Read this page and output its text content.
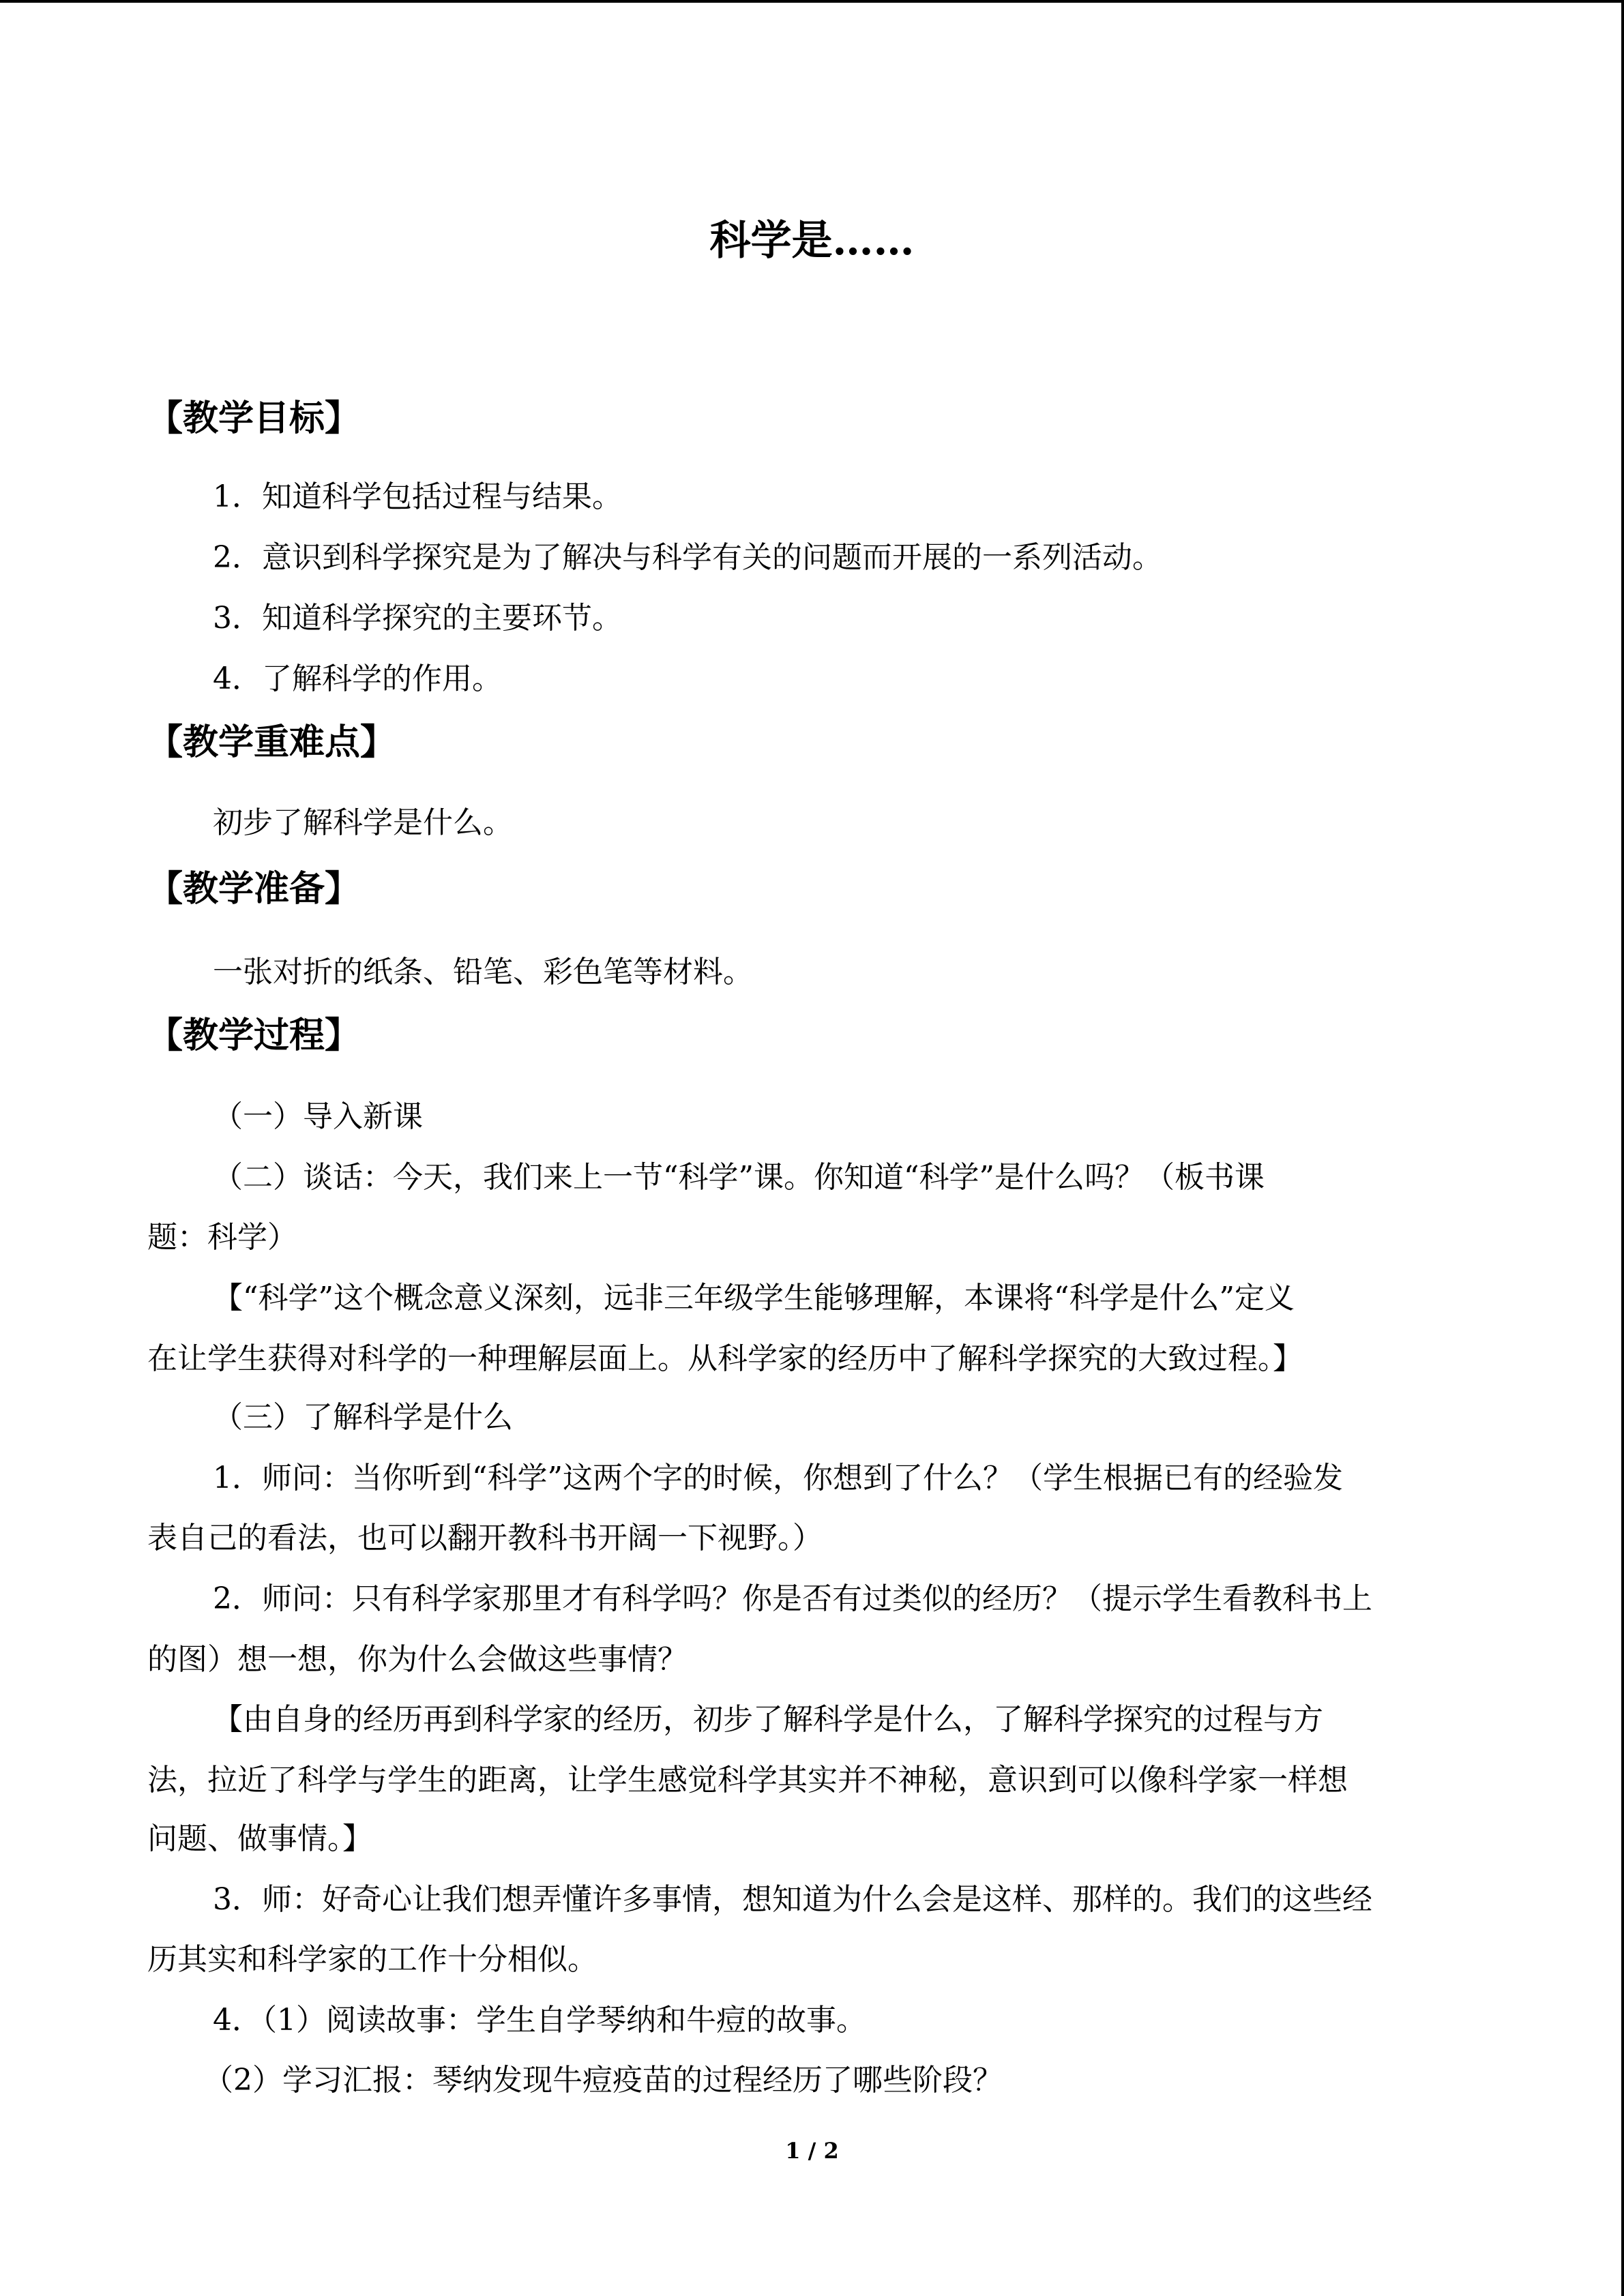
科学是……
【教学目标】
1．知道科学包括过程与结果。
2．意识到科学探究是为了解决与科学有关的问题而开展的一系列活动。
3．知道科学探究的主要环节。
4．了解科学的作用。
【教学重难点】
初步了解科学是什么。
【教学准备】
一张对折的纸条、铅笔、彩色笔等材料。
【教学过程】
（一）导入新课
（二）谈话：今天，我们来上一节“科学”课。你知道“科学”是什么吗？（板书课
题：科学）
【“科学”这个概念意义深刻，远非三年级学生能够理解，本课将“科学是什么”定义
在让学生获得对科学的一种理解层面上。从科学家的经历中了解科学探究的大致过程。】
（三）了解科学是什么
1．师问：当你听到“科学”这两个字的时候，你想到了什么？（学生根据已有的经验发
表自己的看法，也可以翻开教科书开阔一下视野。）
2．师问：只有科学家那里才有科学吗？你是否有过类似的经历？（提示学生看教科书上
的图）想一想，你为什么会做这些事情？
【由自身的经历再到科学家的经历，初步了解科学是什么，了解科学探究的过程与方
法，拉近了科学与学生的距离，让学生感觉科学其实并不神秘，意识到可以像科学家一样想
问题、做事情。】
3．师：好奇心让我们想弄懂许多事情，想知道为什么会是这样、那样的。我们的这些经
历其实和科学家的工作十分相似。
4．（1）阅读故事：学生自学琴纳和牛痘的故事。
（2）学习汇报：琴纳发现牛痘疫苗的过程经历了哪些阶段？
1 / 2
